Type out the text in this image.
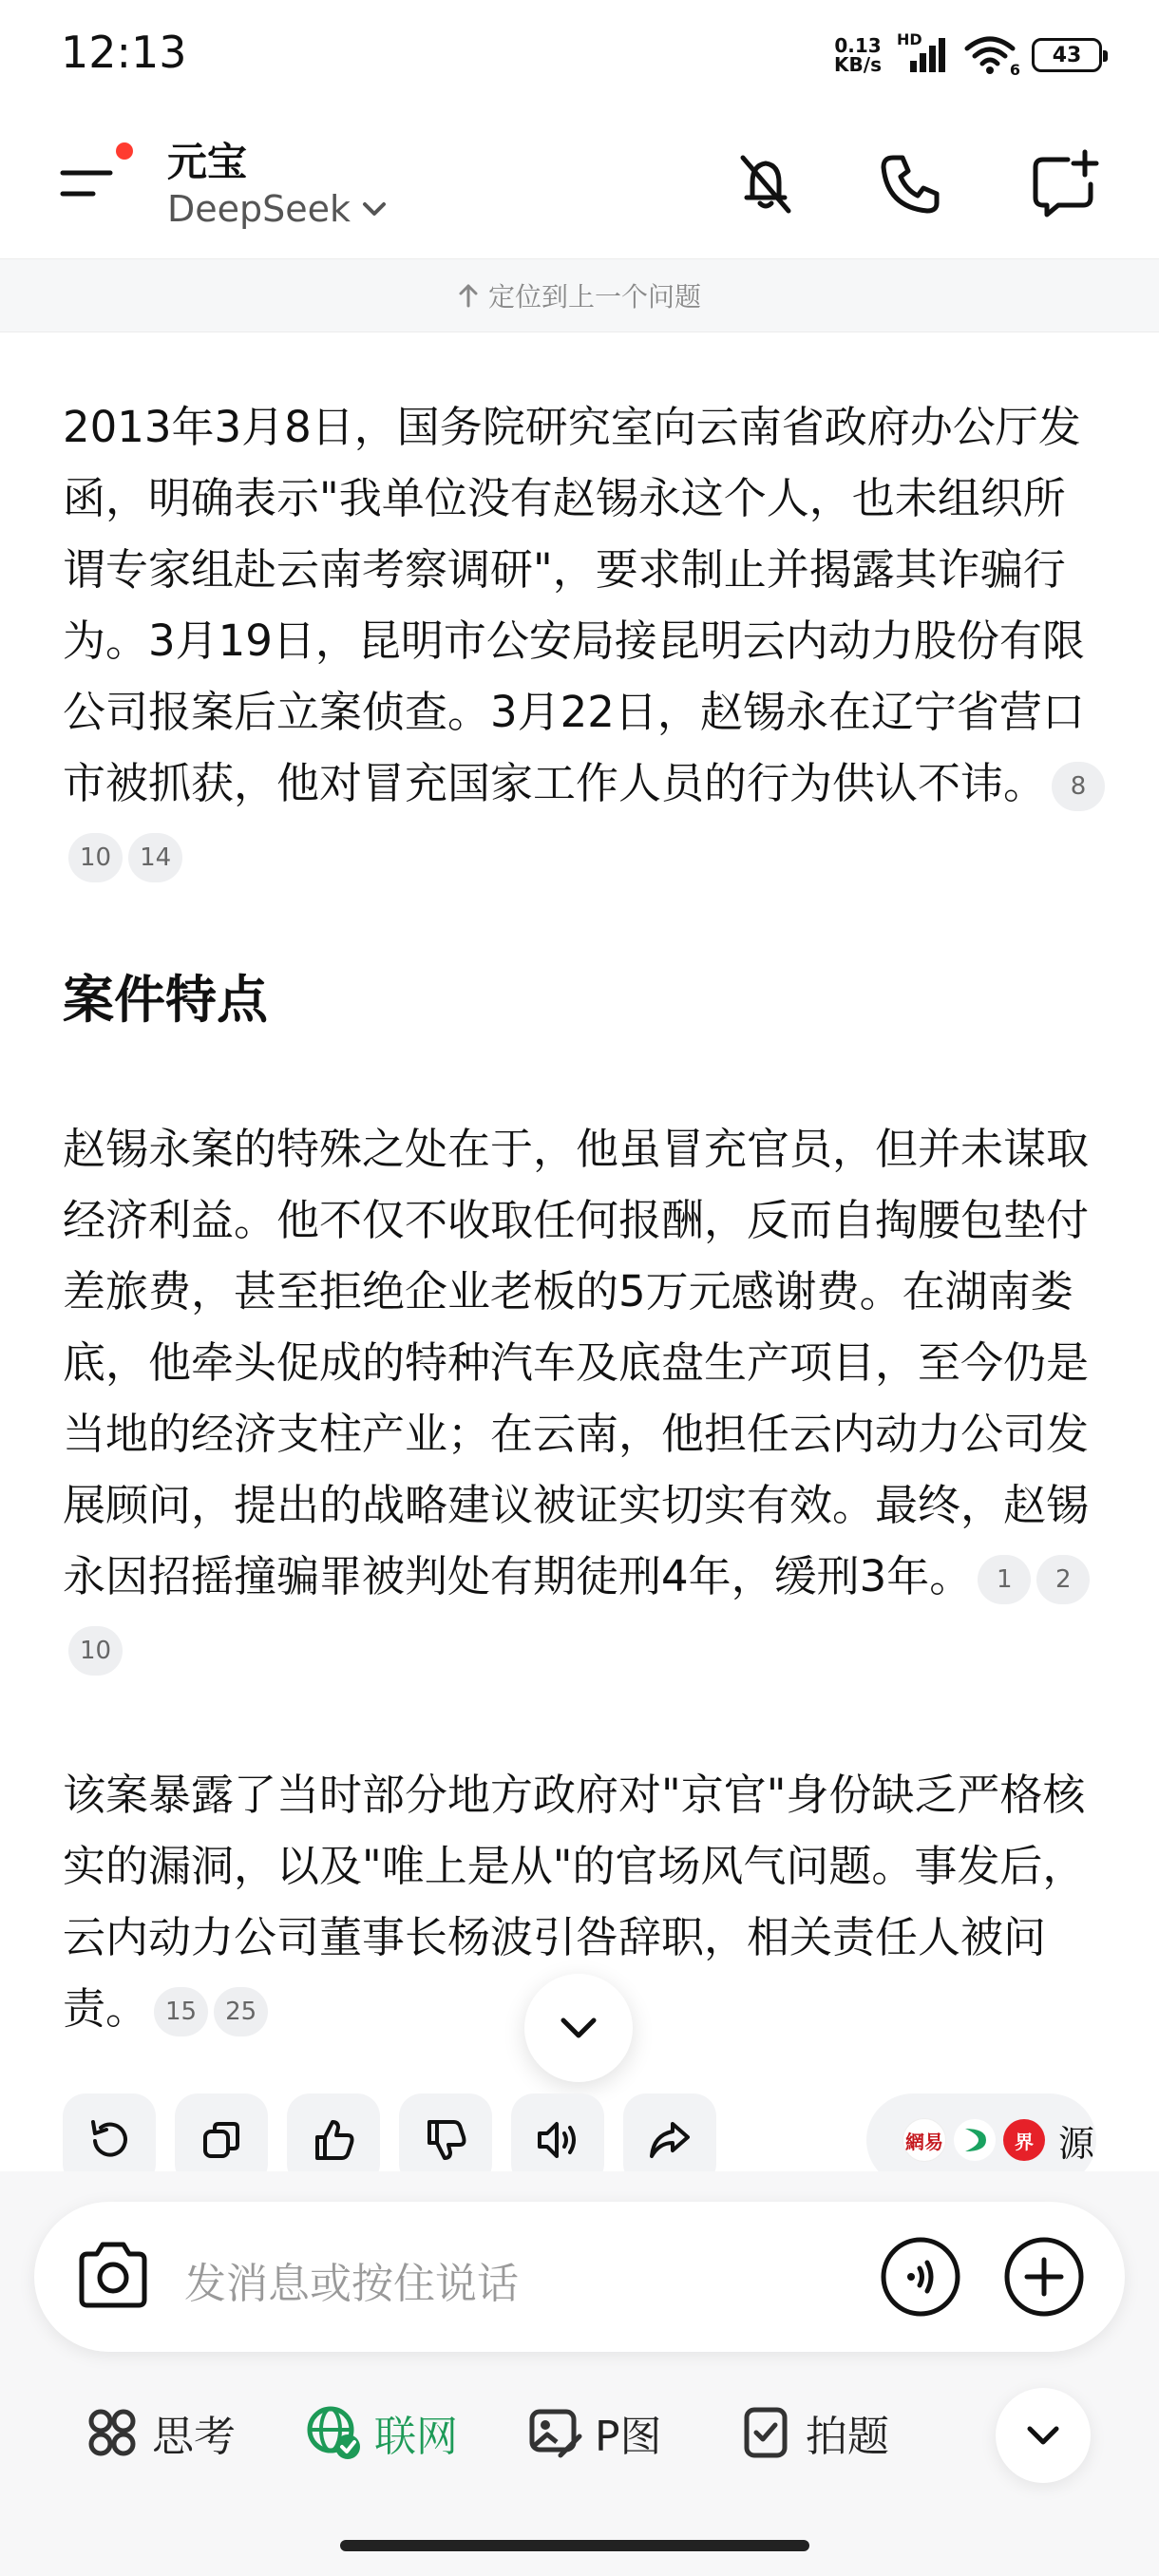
12:13	0.13
KB/s
HD
6
43
元宝
DeepSeek
定位到上一个问题

2013年3月8日，国务院研究室向云南省政府办公厅发函，明确表示"我单位没有赵锡永这个人，也未组织所谓专家组赴云南考察调研"，要求制止并揭露其诈骗行为。3月19日，昆明市公安局接昆明云内动力股份有限公司报案后立案侦查。3月22日，赵锡永在辽宁省营口市被抓获，他对冒充国家工作人员的行为供认不讳。 810 14

案件特点

赵锡永案的特殊之处在于，他虽冒充官员，但并未谋取经济利益。他不仅不收取任何报酬，反而自掏腰包垫付差旅费，甚至拒绝企业老板的5万元感谢费。在湖南娄底，他牵头促成的特种汽车及底盘生产项目，至今仍是当地的经济支柱产业；在云南，他担任云内动力公司发展顾问，提出的战略建议被证实切实有效。最终，赵锡永因招摇撞骗罪被判处有期徒刑4年，缓刑3年。 1 210

该案暴露了当时部分地方政府对"京官"身份缺乏严格核实的漏洞，以及"唯上是从"的官场风气问题。事发后，云内动力公司董事长杨波引咎辞职，相关责任人被问责。 15 25

網易	界 源
发消息或按住说话
思考	联网	P图	拍题
